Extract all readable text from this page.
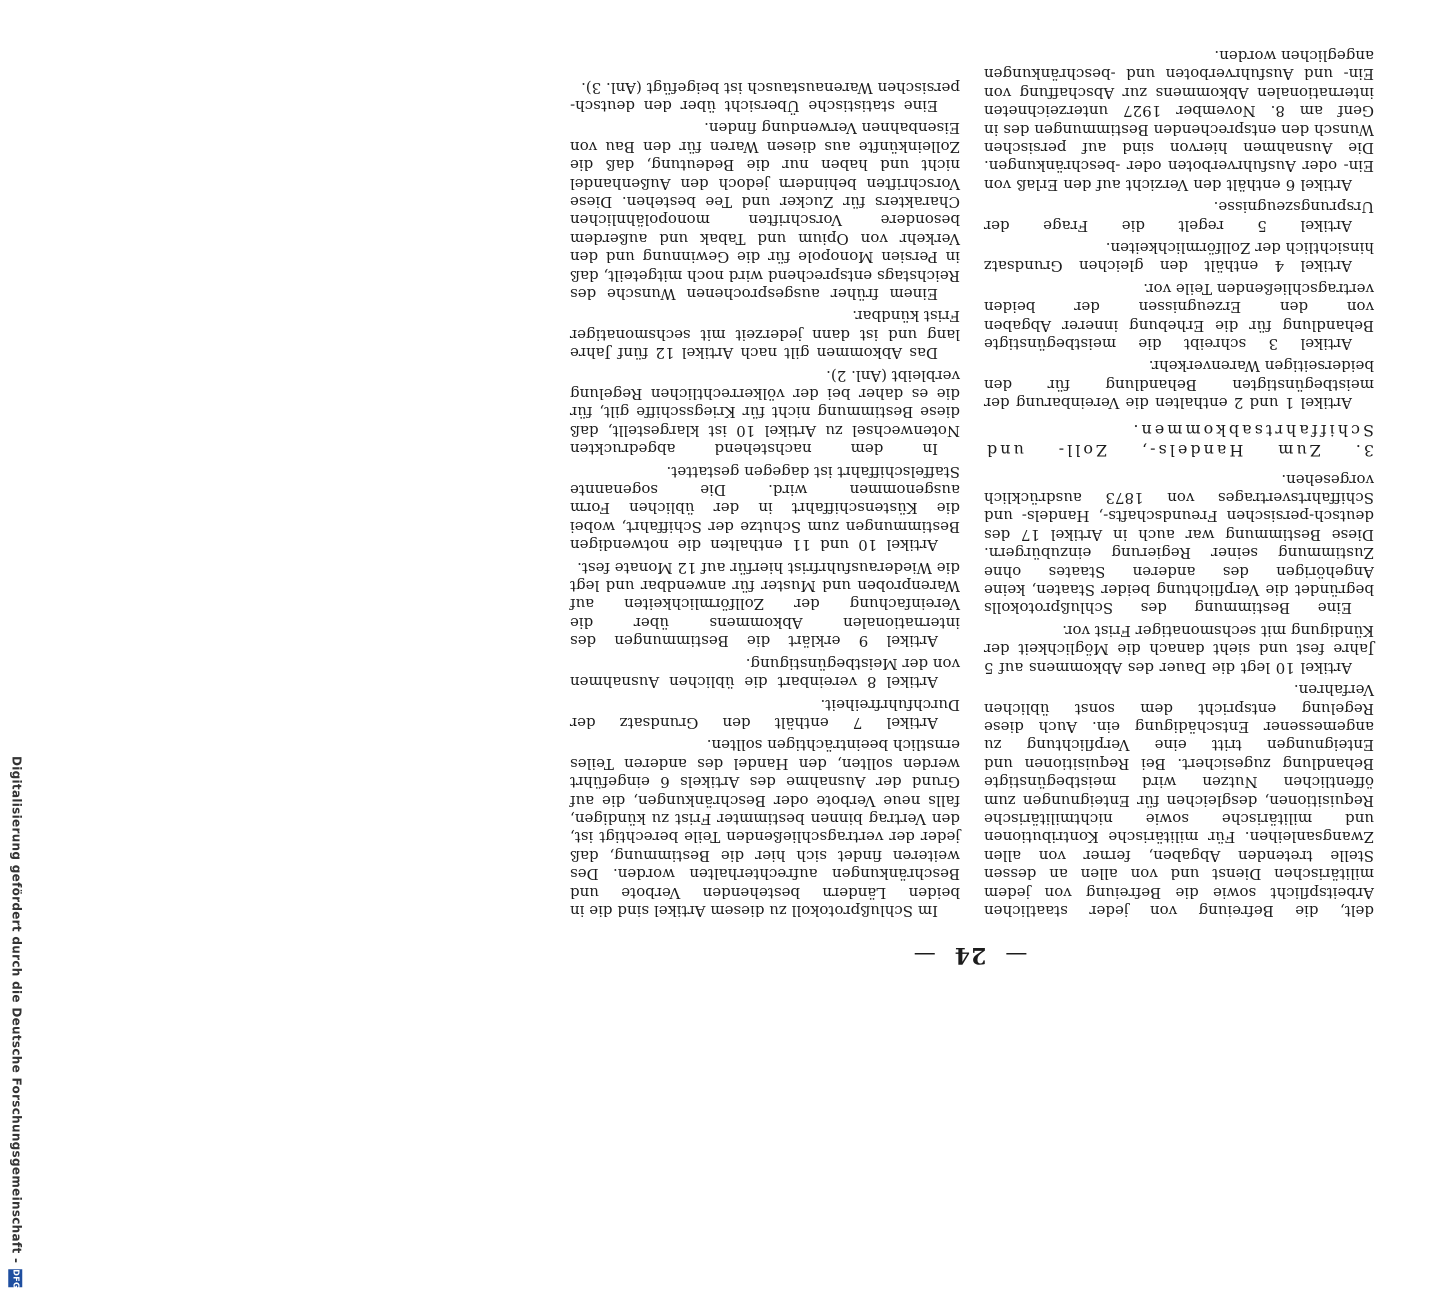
—24—

delt, die Befreiung von jeder staatlichen Arbeitspflicht sowie die Befreiung von jedem militärischen Dienst und von allen an dessen Stelle tretenden Abgaben, ferner von allen Zwangsanleihen. Für militärische Kontributionen und militärische sowie nichtmilitärische Requisitionen, desgleichen für Enteignungen zum öffentlichen Nutzen wird meistbegünstigte Behandlung zugesichert. Bei Requisitionen und Enteignungen tritt eine Verpflichtung zu angemessener Entschädigung ein. Auch diese Regelung entspricht dem sonst üblichen Verfahren.

Artikel 10 legt die Dauer des Abkommens auf 5 Jahre fest und sieht danach die Möglichkeit der Kündigung mit sechsmonatiger Frist vor.

Eine Bestimmung des Schlußprotokolls begründet die Verpflichtung beider Staaten, keine Angehörigen des anderen Staates ohne Zustimmung seiner Regierung einzubürgern. Diese Bestimmung war auch in Artikel 17 des deutsch-persischen Freundschafts-, Handels- und Schiffahrtsvertrages von 1873 ausdrücklich vorgesehen.

3. Zum Handels-, Zoll- und Schiffahrtsabkommen.

Artikel 1 und 2 enthalten die Vereinbarung der meistbegünstigten Behandlung für den beiderseitigen Warenverkehr.

Artikel 3 schreibt die meistbegünstigte Behandlung für die Erhebung innerer Abgaben von den Erzeugnissen der beiden vertragschließenden Teile vor.

Artikel 4 enthält den gleichen Grundsatz hinsichtlich der Zollförmlichkeiten.

Artikel 5 regelt die Frage der Ursprungszeugnisse.

Artikel 6 enthält den Verzicht auf den Erlaß von Ein- oder Ausfuhrverboten oder -beschränkungen. Die Ausnahmen hiervon sind auf persischen Wunsch den entsprechenden Bestimmungen des in Genf am 8. November 1927 unterzeichneten internationalen Abkommens zur Abschaffung von Ein- und Ausfuhrverboten und -beschränkungen angeglichen worden.

Im Schlußprotokoll zu diesem Artikel sind die in beiden Ländern bestehenden Verbote und Beschränkungen aufrechterhalten worden. Des weiteren findet sich hier die Bestimmung, daß jeder der vertragschließenden Teile berechtigt ist, den Vertrag binnen bestimmter Frist zu kündigen, falls neue Verbote oder Beschränkungen, die auf Grund der Ausnahme des Artikels 6 eingeführt werden sollten, den Handel des anderen Teiles ernstlich beeinträchtigen sollten.

Artikel 7 enthält den Grundsatz der Durchfuhrfreiheit.

Artikel 8 vereinbart die üblichen Ausnahmen von der Meistbegünstigung.

Artikel 9 erklärt die Bestimmungen des internationalen Abkommens über die Vereinfachung der Zollförmlichkeiten auf Warenproben und Muster für anwendbar und legt die Wiederausfuhrfrist hierfür auf 12 Monate fest.

Artikel 10 und 11 enthalten die notwendigen Bestimmungen zum Schutze der Schiffahrt, wobei die Küstenschiffahrt in der üblichen Form ausgenommen wird. Die sogenannte Staffelschiffahrt ist dagegen gestattet.

In dem nachstehend abgedruckten Notenwechsel zu Artikel 10 ist klargestellt, daß diese Bestimmung nicht für Kriegsschiffe gilt, für die es daher bei der völkerrechtlichen Regelung verbleibt (Anl. 2).

Das Abkommen gilt nach Artikel 12 fünf Jahre lang und ist dann jederzeit mit sechsmonatiger Frist kündbar.

Einem früher ausgesprochenen Wunsche des Reichstags entsprechend wird noch mitgeteilt, daß in Persien Monopole für die Gewinnung und den Verkehr von Opium und Tabak und außerdem besondere Vorschriften monopolähnlichen Charakters für Zucker und Tee bestehen. Diese Vorschriften behindern jedoch den Außenhandel nicht und haben nur die Bedeutung, daß die Zolleinkünfte aus diesen Waren für den Bau von Eisenbahnen Verwendung finden.

Eine statistische Übersicht über den deutsch-persischen Warenaustausch ist beigefügt (Anl. 3).

Digitalisierung gefördert durch die Deutsche Forschungsgemeinschaft -DFG
